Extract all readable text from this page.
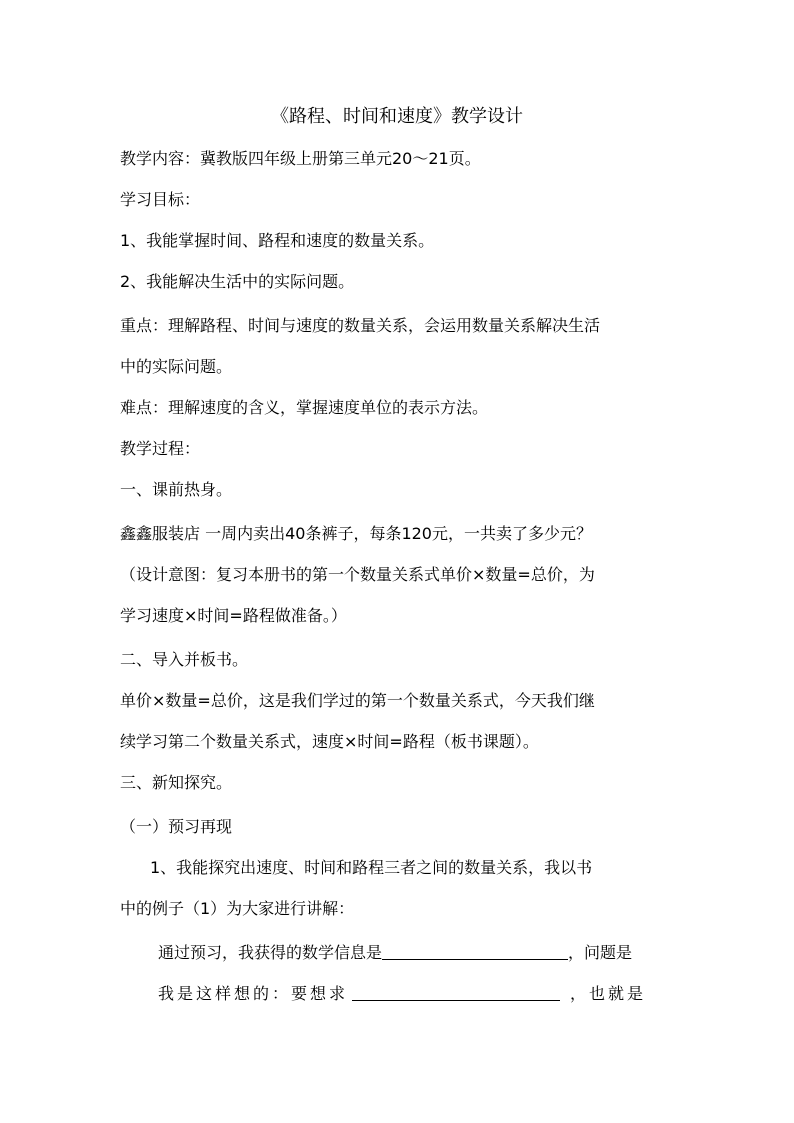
《路程、时间和速度》教学设计
教学内容：冀教版四年级上册第三单元20～21页。
学习目标：
1、我能掌握时间、路程和速度的数量关系。
2、我能解决生活中的实际问题。
重点：理解路程、时间与速度的数量关系，会运用数量关系解决生活
中的实际问题。
难点：理解速度的含义，掌握速度单位的表示方法。
教学过程：
一、课前热身。
鑫鑫服装店 一周内卖出40条裤子，每条120元，一共卖了多少元？
（设计意图：复习本册书的第一个数量关系式单价×数量=总价，为
学习速度×时间=路程做准备。）
二、导入并板书。
单价×数量=总价，这是我们学过的第一个数量关系式，今天我们继
续学习第二个数量关系式，速度×时间=路程（板书课题）。
三、新知探究。
（一）预习再现
1、我能探究出速度、时间和路程三者之间的数量关系，我以书
中的例子（1）为大家进行讲解：
通过预习，我获得的数学信息是	，问题是
我是这样想的：要想求	，也就是
